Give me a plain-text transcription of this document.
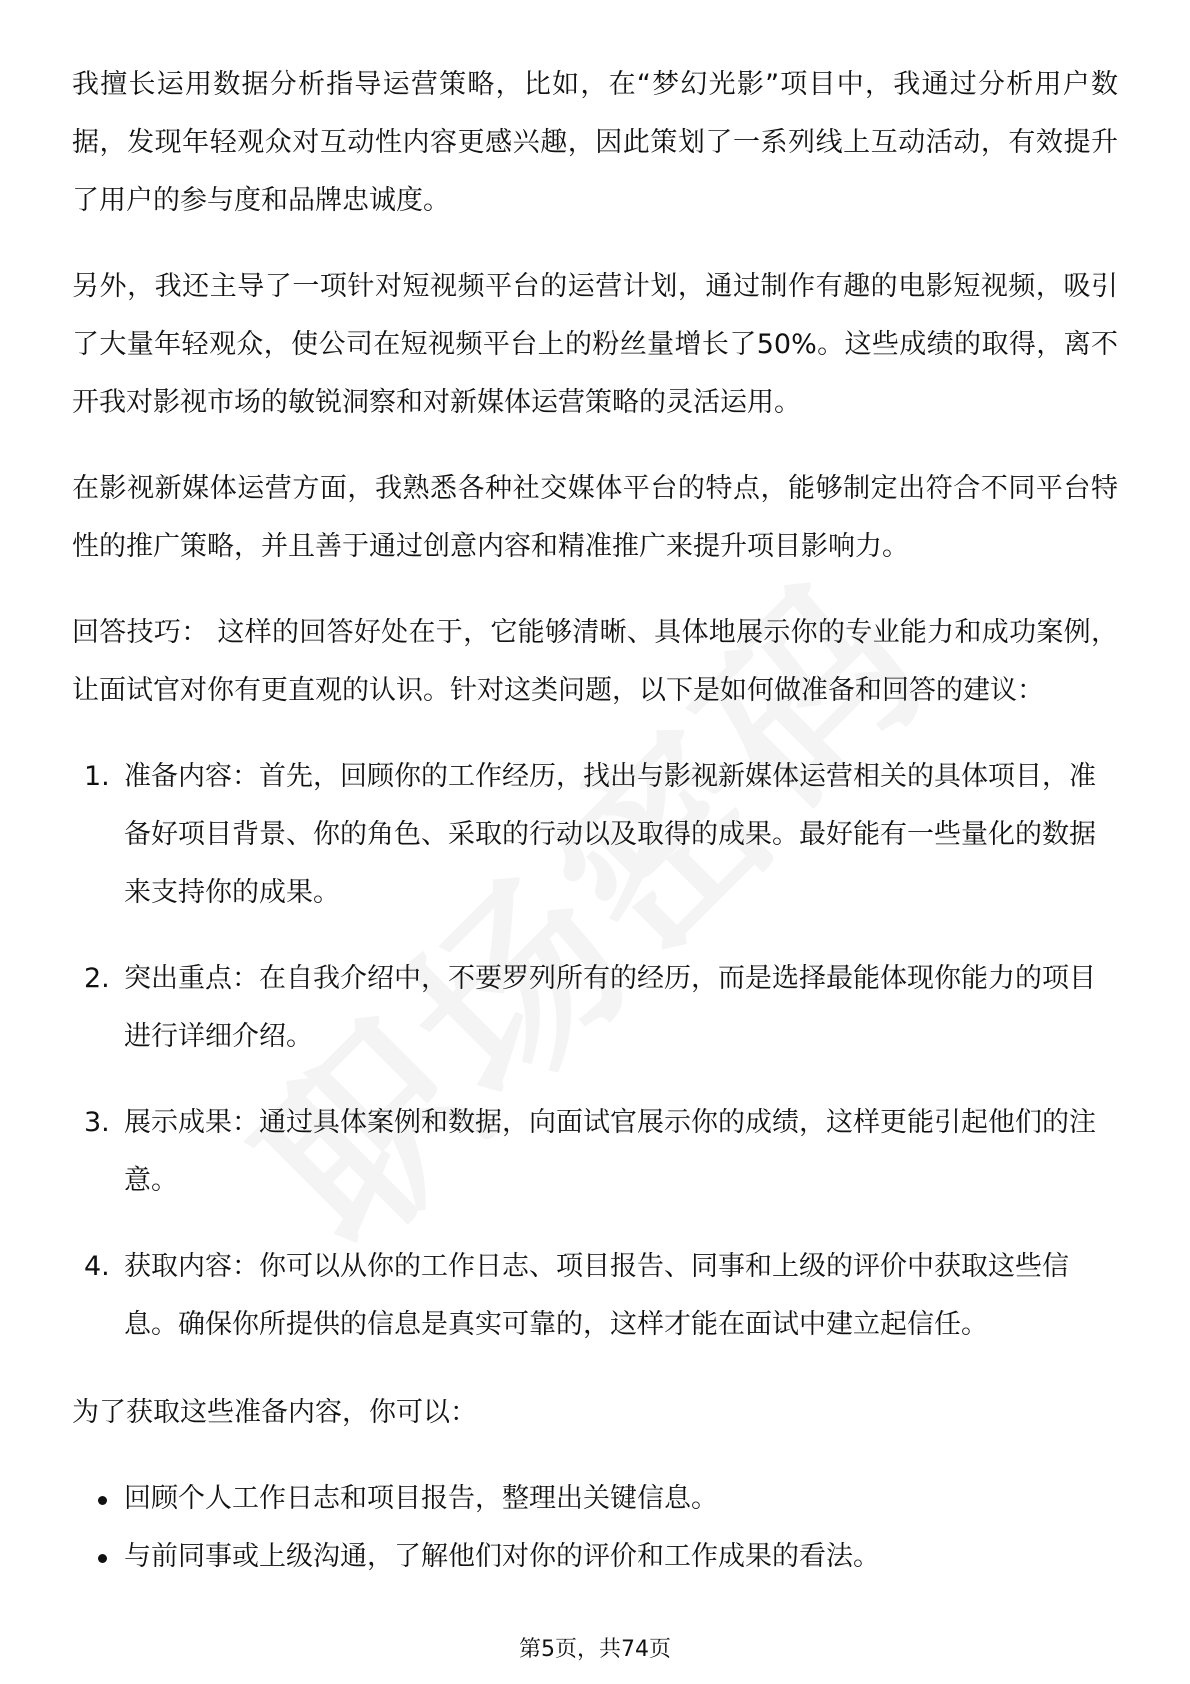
我擅长运用数据分析指导运营策略，比如，在“梦幻光影”项目中，我通过分析用户数据，发现年轻观众对互动性内容更感兴趣，因此策划了一系列线上互动活动，有效提升了用户的参与度和品牌忠诚度。

另外，我还主导了一项针对短视频平台的运营计划，通过制作有趣的电影短视频，吸引了大量年轻观众，使公司在短视频平台上的粉丝量增长了50%。这些成绩的取得，离不开我对影视市场的敏锐洞察和对新媒体运营策略的灵活运用。

在影视新媒体运营方面，我熟悉各种社交媒体平台的特点，能够制定出符合不同平台特性的推广策略，并且善于通过创意内容和精准推广来提升项目影响力。

回答技巧： 这样的回答好处在于，它能够清晰、具体地展示你的专业能力和成功案例，让面试官对你有更直观的认识。针对这类问题，以下是如何做准备和回答的建议：

1. 准备内容：首先，回顾你的工作经历，找出与影视新媒体运营相关的具体项目，准备好项目背景、你的角色、采取的行动以及取得的成果。最好能有一些量化的数据来支持你的成果。
2. 突出重点：在自我介绍中，不要罗列所有的经历，而是选择最能体现你能力的项目进行详细介绍。
3. 展示成果：通过具体案例和数据，向面试官展示你的成绩，这样更能引起他们的注意。
4. 获取内容：你可以从你的工作日志、项目报告、同事和上级的评价中获取这些信息。确保你所提供的信息是真实可靠的，这样才能在面试中建立起信任。

为了获取这些准备内容，你可以：

回顾个人工作日志和项目报告，整理出关键信息。
与前同事或上级沟通，了解他们对你的评价和工作成果的看法。
第5页，共74页
